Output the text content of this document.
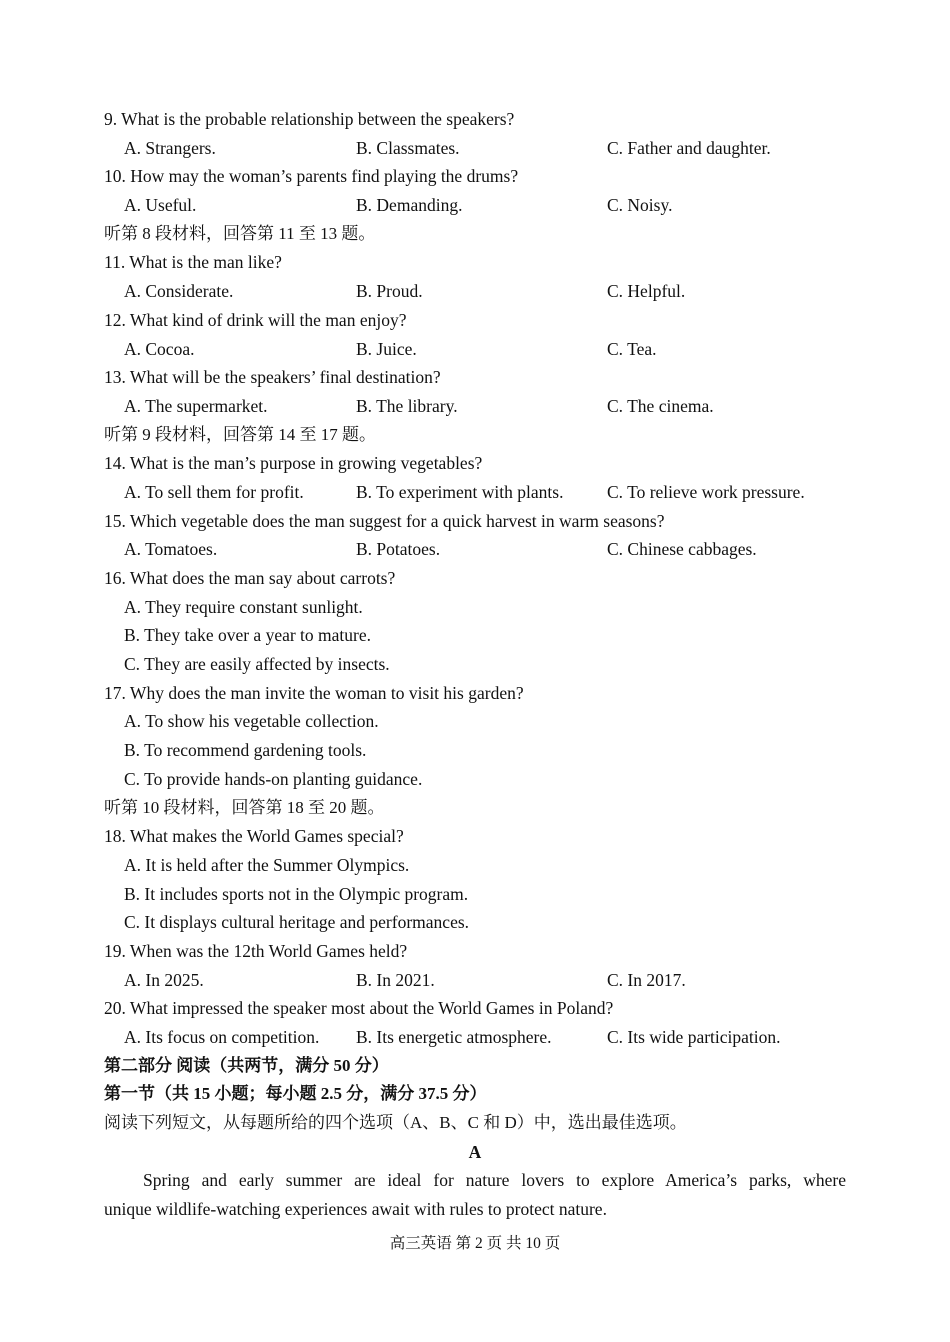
9. What is the probable relationship between the speakers?
A. Strangers.	B. Classmates.	C. Father and daughter.
10. How may the woman’s parents find playing the drums?
A. Useful.	B. Demanding.	C. Noisy.
听第 8 段材料，回答第 11 至 13 题。
11. What is the man like?
A. Considerate.	B. Proud.	C. Helpful.
12. What kind of drink will the man enjoy?
A. Cocoa.	B. Juice.	C. Tea.
13. What will be the speakers’ final destination?
A. The supermarket.	B. The library.	C. The cinema.
听第 9 段材料，回答第 14 至 17 题。
14. What is the man’s purpose in growing vegetables?
A. To sell them for profit.	B. To experiment with plants. C. To relieve work pressure.
15. Which vegetable does the man suggest for a quick harvest in warm seasons?
A. Tomatoes.	B. Potatoes.	C. Chinese cabbages.
16. What does the man say about carrots?
A. They require constant sunlight.
B. They take over a year to mature.
C. They are easily affected by insects.
17. Why does the man invite the woman to visit his garden?
A. To show his vegetable collection.
B. To recommend gardening tools.
C. To provide hands-on planting guidance.
听第 10 段材料，回答第 18 至 20 题。
18. What makes the World Games special?
A. It is held after the Summer Olympics.
B. It includes sports not in the Olympic program.
C. It displays cultural heritage and performances.
19. When was the 12th World Games held?
A. In 2025.	B. In 2021.	C. In 2017.
20. What impressed the speaker most about the World Games in Poland?
A. Its focus on competition. B. Its energetic atmosphere.	C. Its wide participation.
第二部分 阅读（共两节，满分 50 分）
第一节（共 15 小题；每小题 2.5 分，满分 37.5 分）
阅读下列短文，从每题所给的四个选项（A、B、C 和 D）中，选出最佳选项。
A
Spring and early summer are ideal for nature lovers to explore America’s parks, where
unique wildlife-watching experiences await with rules to protect nature.
高三英语 第 2 页 共 10 页
